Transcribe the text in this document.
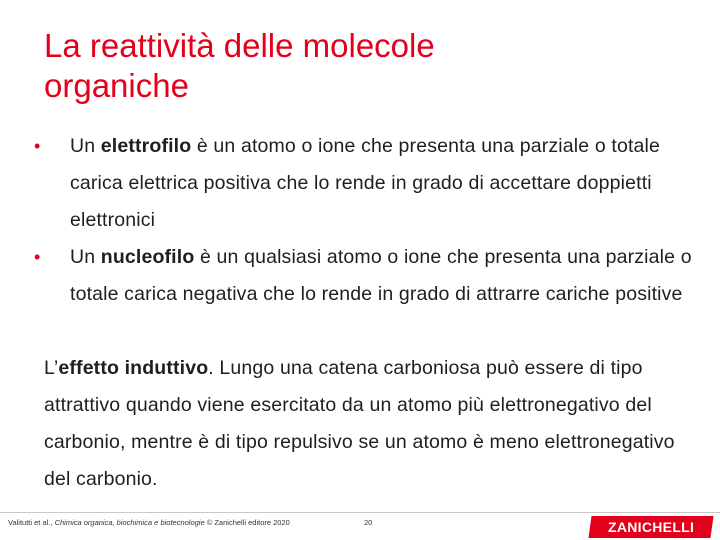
La reattività delle molecole
organiche
• Un elettrofilo è un atomo o ione che presenta una parziale o totale carica elettrica positiva che lo rende in grado di accettare doppietti elettronici
• Un nucleofilo è un qualsiasi atomo o ione che presenta una parziale o totale carica negativa che lo rende in grado di attrarre cariche positive
L’effetto induttivo. Lungo una catena carboniosa può essere di tipo attrattivo quando viene esercitato da un atomo più elettronegativo del carbonio, mentre è di tipo repulsivo se un atomo è meno elettronegativo del carbonio.
Valitutti et al., Chimica organica, biochimica e biotecnologie © Zanichelli editore 2020	20	ZANICHELLI
